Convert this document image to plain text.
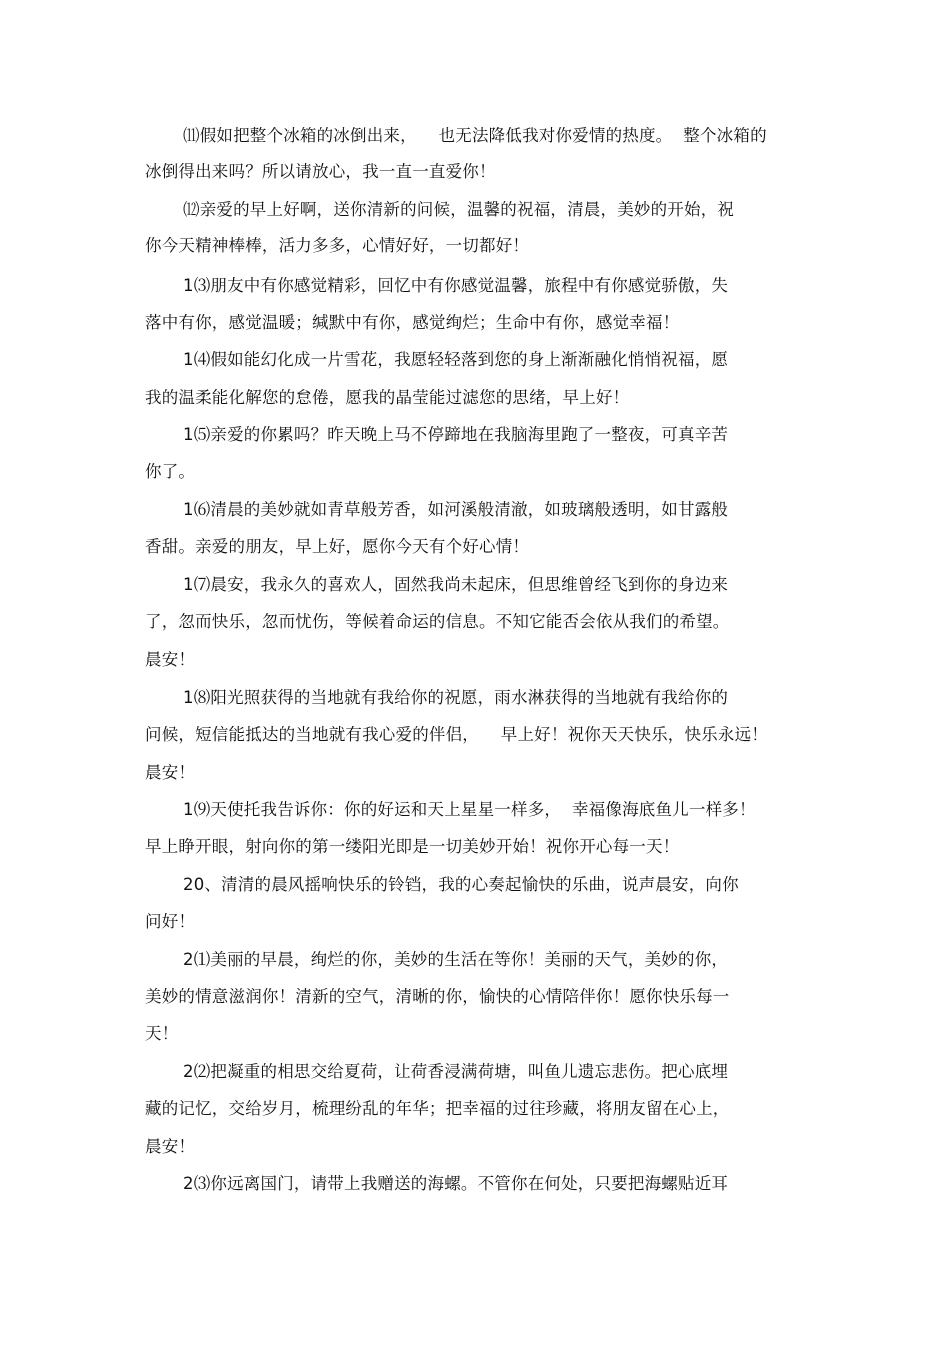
⑾假如把整个冰箱的冰倒出来，    也无法降低我对你爱情的热度。  整个冰箱的
冰倒得出来吗？所以请放心，我一直一直爱你！
⑿亲爱的早上好啊，送你清新的问候，温馨的祝福，清晨，美妙的开始，祝
你今天精神棒棒，活力多多，心情好好，一切都好！
1⑶朋友中有你感觉精彩，回忆中有你感觉温馨，旅程中有你感觉骄傲，失
落中有你，感觉温暖；缄默中有你，感觉绚烂；生命中有你，感觉幸福！
1⑷假如能幻化成一片雪花，我愿轻轻落到您的身上渐渐融化悄悄祝福，愿
我的温柔能化解您的怠倦，愿我的晶莹能过滤您的思绪，早上好！
1⑸亲爱的你累吗？昨天晚上马不停蹄地在我脑海里跑了一整夜，可真辛苦
你了。
1⑹清晨的美妙就如青草般芳香，如河溪般清澈，如玻璃般透明，如甘露般
香甜。亲爱的朋友，早上好，愿你今天有个好心情！
1⑺晨安，我永久的喜欢人，固然我尚未起床，但思维曾经飞到你的身边来
了，忽而快乐，忽而忧伤，等候着命运的信息。不知它能否会依从我们的希望。
晨安！
1⑻阳光照获得的当地就有我给你的祝愿，雨水淋获得的当地就有我给你的
问候，短信能抵达的当地就有我心爱的伴侣，    早上好！祝你天天快乐，快乐永远！
晨安！
1⑼天使托我告诉你：你的好运和天上星星一样多，  幸福像海底鱼儿一样多！
早上睁开眼，射向你的第一缕阳光即是一切美妙开始！祝你开心每一天！
20、清清的晨风摇响快乐的铃铛，我的心奏起愉快的乐曲，说声晨安，向你
问好！
2⑴美丽的早晨，绚烂的你，美妙的生活在等你！美丽的天气，美妙的你，
美妙的情意滋润你！清新的空气，清晰的你，愉快的心情陪伴你！愿你快乐每一
天！
2⑵把凝重的相思交给夏荷，让荷香浸满荷塘，叫鱼儿遗忘悲伤。把心底埋
藏的记忆，交给岁月，梳理纷乱的年华；把幸福的过往珍藏，将朋友留在心上，
晨安！
2⑶你远离国门，请带上我赠送的海螺。不管你在何处，只要把海螺贴近耳
